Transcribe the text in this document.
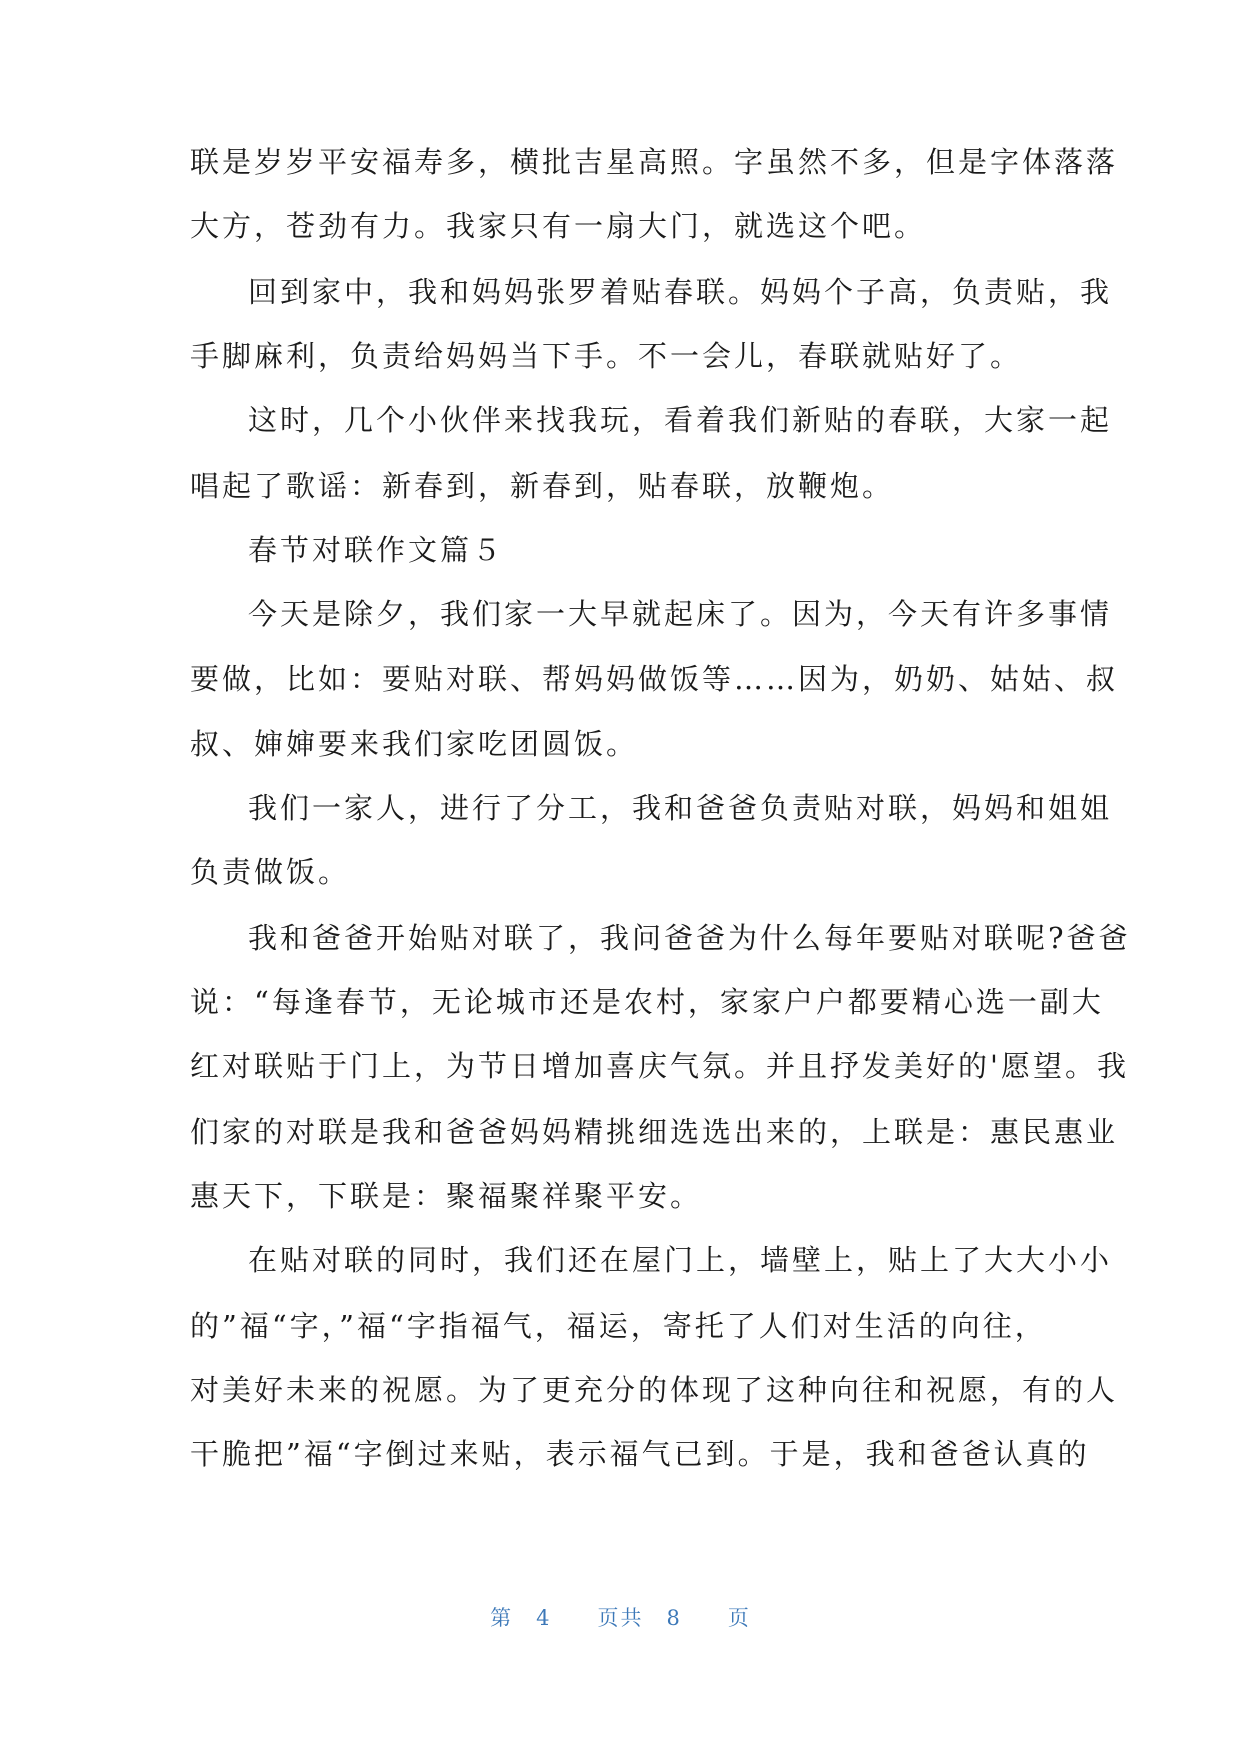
联是岁岁平安福寿多，横批吉星高照。字虽然不多，但是字体落落
大方，苍劲有力。我家只有一扇大门，就选这个吧。
回到家中，我和妈妈张罗着贴春联。妈妈个子高，负责贴，我
手脚麻利，负责给妈妈当下手。不一会儿，春联就贴好了。
这时，几个小伙伴来找我玩，看着我们新贴的春联，大家一起
唱起了歌谣：新春到，新春到，贴春联，放鞭炮。
春节对联作文篇５
今天是除夕，我们家一大早就起床了。因为，今天有许多事情
要做，比如：要贴对联、帮妈妈做饭等……因为，奶奶、姑姑、叔
叔、婶婶要来我们家吃团圆饭。
我们一家人，进行了分工，我和爸爸负责贴对联，妈妈和姐姐
负责做饭。
我和爸爸开始贴对联了，我问爸爸为什么每年要贴对联呢?爸爸
说：“每逢春节，无论城市还是农村，家家户户都要精心选一副大
红对联贴于门上，为节日增加喜庆气氛。并且抒发美好的'愿望。我
们家的对联是我和爸爸妈妈精挑细选选出来的，上联是：惠民惠业
惠天下，下联是：聚福聚祥聚平安。
在贴对联的同时，我们还在屋门上，墙壁上，贴上了大大小小
的”福“字，”福“字指福气，福运，寄托了人们对生活的向往，
对美好未来的祝愿。为了更充分的体现了这种向往和祝愿，有的人
干脆把”福“字倒过来贴，表示福气已到。于是，我和爸爸认真的
第　4　　页共　8　　页
